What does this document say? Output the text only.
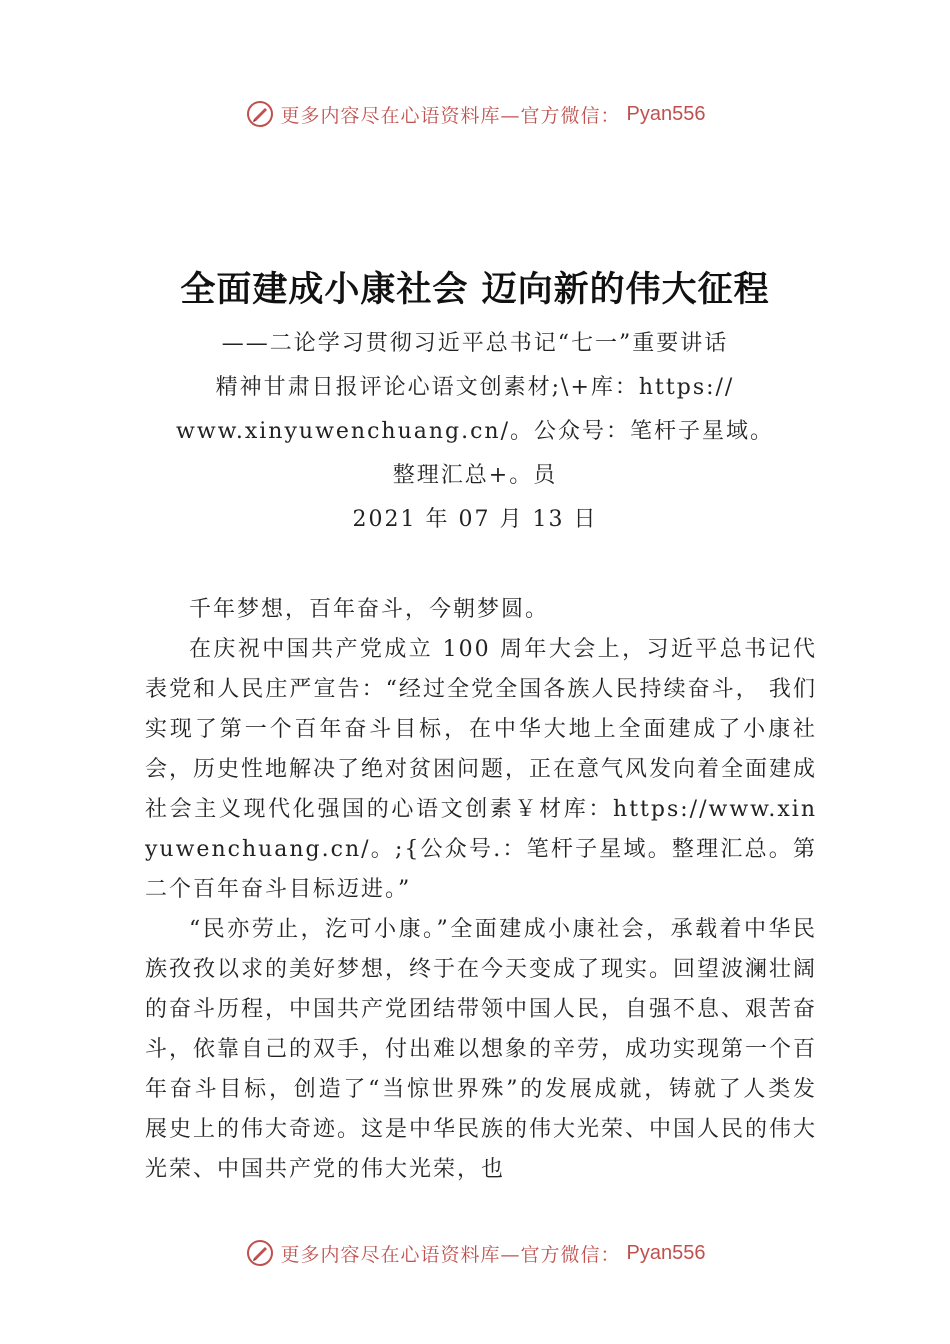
更多内容尽在心语资料库—官方微信： Pyan556
全面建成小康社会 迈向新的伟大征程
——二论学习贯彻习近平总书记“七一”重要讲话
精神甘肃日报评论心语文创素材;\+库：https://
www.xinyuwenchuang.cn/。公众号：笔杆子星域。
整理汇总+。员
2021 年 07 月 13 日

千年梦想，百年奋斗，今朝梦圆。

在庆祝中国共产党成立 100 周年大会上，习近平总书记代表党和人民庄严宣告：“经过全党全国各族人民持续奋斗， 我们实现了第一个百年奋斗目标，在中华大地上全面建成了小康社会，历史性地解决了绝对贫困问题，正在意气风发向着全面建成社会主义现代化强国的心语文创素￥材库：https://www.xinyuwenchuang.cn/。;{公众号.：笔杆子星域。整理汇总。第二个百年奋斗目标迈进。”

“民亦劳止，汔可小康。”全面建成小康社会，承载着中华民族孜孜以求的美好梦想，终于在今天变成了现实。回望波澜壮阔的奋斗历程，中国共产党团结带领中国人民，自强不息、艰苦奋斗，依靠自己的双手，付出难以想象的辛劳，成功实现第一个百年奋斗目标，创造了“当惊世界殊”的发展成就，铸就了人类发展史上的伟大奇迹。这是中华民族的伟大光荣、中国人民的伟大光荣、中国共产党的伟大光荣，也

更多内容尽在心语资料库—官方微信： Pyan556
